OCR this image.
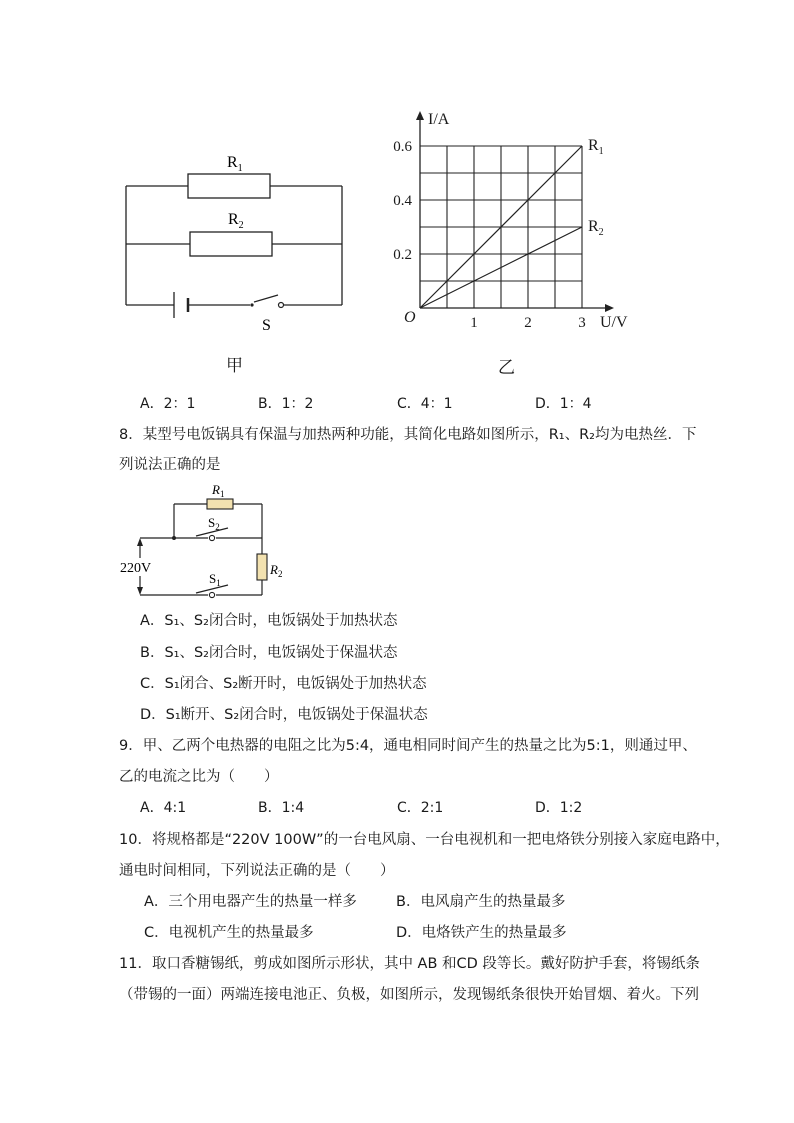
$R_1$
$R_2$
S
甲
$R_1$
$R_2$
1	2	3
0.2
0.4
0.6
O	U/V
I/A
乙
A．2：1	B．1：2	C．4：1	D．1：4
8．某型号电饭锅具有保温与加热两种功能，其简化电路如图所示，R₁、R₂均为电热丝．下
列说法正确的是
$R_1$
$R_2$
$S_2$
$S_1$
220V
A．S₁、S₂闭合时，电饭锅处于加热状态
B．S₁、S₂闭合时，电饭锅处于保温状态
C．S₁闭合、S₂断开时，电饭锅处于加热状态
D．S₁断开、S₂闭合时，电饭锅处于保温状态
9．甲、乙两个电热器的电阻之比为5:4，通电相同时间产生的热量之比为5:1，则通过甲、
乙的电流之比为（　　）
A．4:1	B．1:4	C．2:1	D．1:2
10．将规格都是“220V 100W”的一台电风扇、一台电视机和一把电烙铁分别接入家庭电路中，
通电时间相同，下列说法正确的是（　　）
A．三个用电器产生的热量一样多	B．电风扇产生的热量最多
C．电视机产生的热量最多	D．电烙铁产生的热量最多
11．取口香糖锡纸，剪成如图所示形状，其中 AB 和CD 段等长。戴好防护手套，将锡纸条
（带锡的一面）两端连接电池正、负极，如图所示，发现锡纸条很快开始冒烟、着火。下列
